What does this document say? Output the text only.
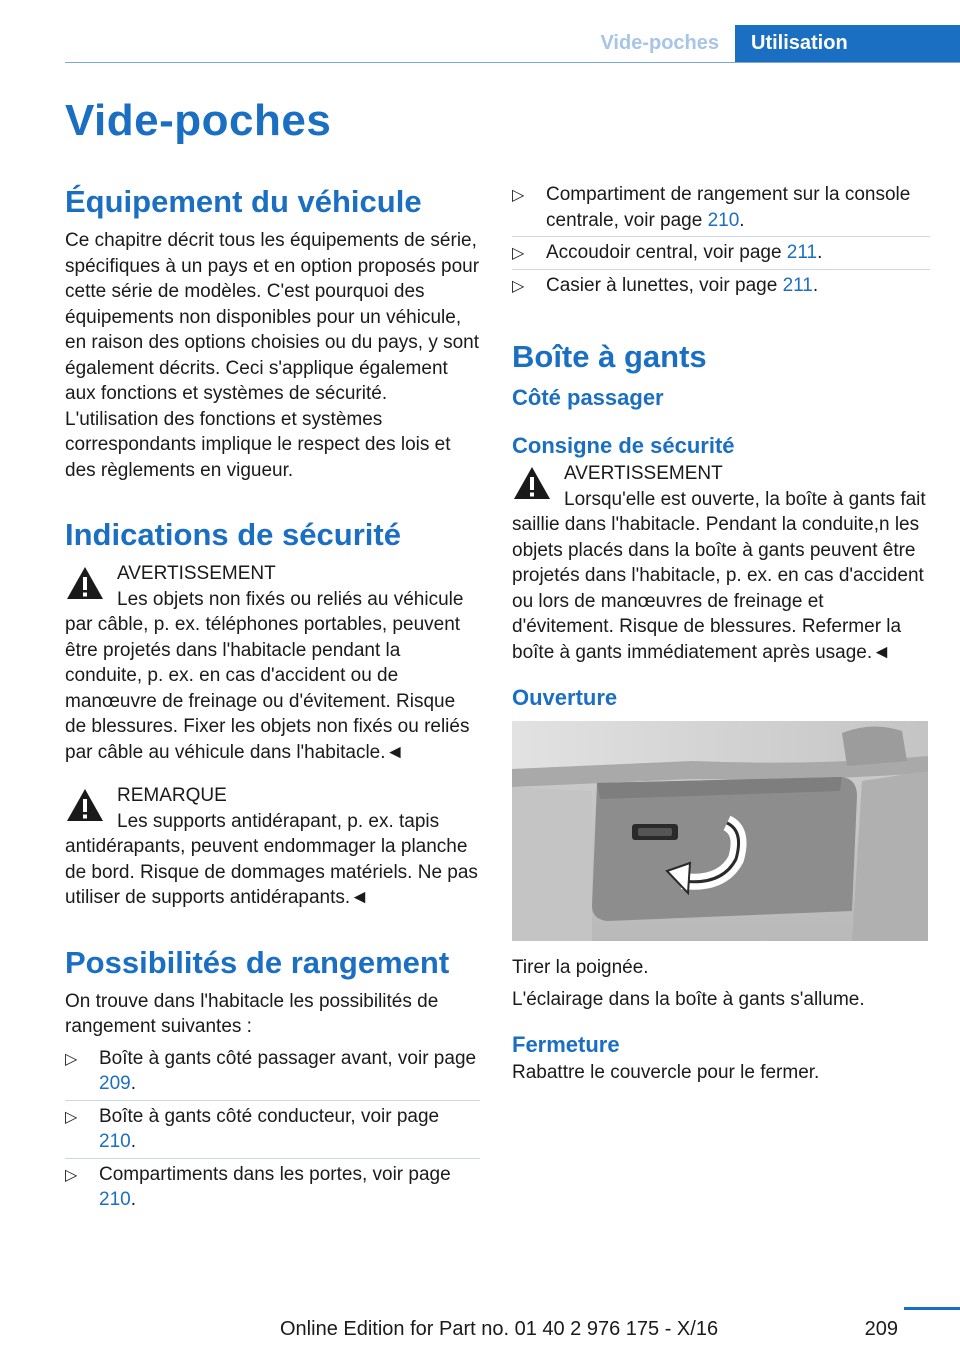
Vide-poches	Utilisation
Vide-poches
Équipement du véhicule

Ce chapitre décrit tous les équipements de série, spécifiques à un pays et en option proposés pour cette série de modèles. C'est pourquoi des équipements non disponibles pour un véhicule, en raison des options choisies ou du pays, y sont également décrits. Ceci s'applique également aux fonctions et systèmes de sécurité. L'utilisation des fonctions et systèmes correspondants implique le respect des lois et des règlements en vigueur.

Indications de sécurité
AVERTISSEMENT

Les objets non fixés ou reliés au véhicule par câble, p. ex. téléphones portables, peuvent être projetés dans l'habitacle pendant la conduite, p. ex. en cas d'accident ou de manœuvre de freinage ou d'évitement. Risque de blessures. Fixer les objets non fixés ou reliés par câble au véhicule dans l'habitacle.◄

REMARQUE

Les supports antidérapant, p. ex. tapis antidérapants, peuvent endommager la planche de bord. Risque de dommages matériels. Ne pas utiliser de supports antidérapants.◄

Possibilités de rangement

On trouve dans l'habitacle les possibilités de rangement suivantes :

▷ Boîte à gants côté passager avant, voir page 209.
▷ Boîte à gants côté conducteur, voir page 210.
▷ Compartiments dans les portes, voir page 210.
▷ Compartiment de rangement sur la console centrale, voir page 210.
▷ Accoudoir central, voir page 211.
▷ Casier à lunettes, voir page 211.
Boîte à gants
Côté passager
Consigne de sécurité
AVERTISSEMENT

Lorsqu'elle est ouverte, la boîte à gants fait saillie dans l'habitacle. Pendant la conduite,n les objets placés dans la boîte à gants peuvent être projetés dans l'habitacle, p. ex. en cas d'accident ou lors de manœuvres de freinage et d'évitement. Risque de blessures. Refermer la boîte à gants immédiatement après usage.◄

Ouverture

Tirer la poignée.

L'éclairage dans la boîte à gants s'allume.

Fermeture

Rabattre le couvercle pour le fermer.

209
Online Edition for Part no. 01 40 2 976 175 - X/16
